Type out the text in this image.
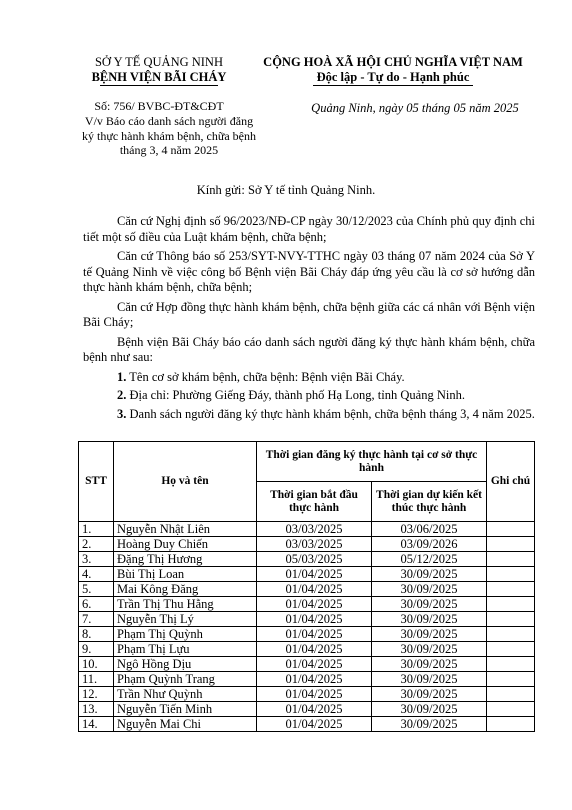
SỞ Y TẾ QUẢNG NINH
BỆNH VIỆN BÃI CHÁY
CỘNG HOÀ XÃ HỘI CHỦ NGHĨA VIỆT NAM
Độc lập - Tự do - Hạnh phúc
Số: 756/ BVBC-ĐT&CĐT
V/v Báo cáo danh sách người đăng
ký thực hành khám bệnh, chữa bệnh
tháng 3, 4 năm 2025
Quảng Ninh, ngày 05 tháng 05 năm 2025
Kính gửi: Sở Y tế tỉnh Quảng Ninh.

Căn cứ Nghị định số 96/2023/NĐ-CP ngày 30/12/2023 của Chính phủ quy định chi tiết một số điều của Luật khám bệnh, chữa bệnh;

Căn cứ Thông báo số 253/SYT-NVY-TTHC ngày 03 tháng 07 năm 2024 của Sở Y tế Quảng Ninh về việc công bố Bệnh viện Bãi Cháy đáp ứng yêu cầu là cơ sở hướng dẫn thực hành khám bệnh, chữa bệnh;

Căn cứ Hợp đồng thực hành khám bệnh, chữa bệnh giữa các cá nhân với Bệnh viện Bãi Cháy;

Bệnh viện Bãi Cháy báo cáo danh sách người đăng ký thực hành khám bệnh, chữa bệnh như sau:

1. Tên cơ sở khám bệnh, chữa bệnh: Bệnh viện Bãi Cháy.

2. Địa chỉ: Phường Giếng Đáy, thành phố Hạ Long, tỉnh Quảng Ninh.

3. Danh sách người đăng ký thực hành khám bệnh, chữa bệnh tháng 3, 4 năm 2025.

STT	Họ và tên	Thời gian đăng ký thực hành tại cơ sở thực hành		Ghi chú
		Thời gian bắt đầu thực hành	Thời gian dự kiến kết thúc thực hành	
1.	Nguyễn Nhật Liên	03/03/2025	03/06/2025	
2.	Hoàng Duy Chiến	03/03/2025	03/09/2026	
3.	Đặng Thị Hương	05/03/2025	05/12/2025	
4.	Bùi Thị Loan	01/04/2025	30/09/2025	
5.	Mai Kông Đăng	01/04/2025	30/09/2025	
6.	Trần Thị Thu Hằng	01/04/2025	30/09/2025	
7.	Nguyễn Thị Lý	01/04/2025	30/09/2025	
8.	Phạm Thị Quỳnh	01/04/2025	30/09/2025	
9.	Phạm Thị Lựu	01/04/2025	30/09/2025	
10.	Ngô Hồng Dịu	01/04/2025	30/09/2025	
11.	Phạm Quỳnh Trang	01/04/2025	30/09/2025	
12.	Trần Như Quỳnh	01/04/2025	30/09/2025	
13.	Nguyễn Tiến Minh	01/04/2025	30/09/2025	
14.	Nguyễn Mai Chi	01/04/2025	30/09/2025	
